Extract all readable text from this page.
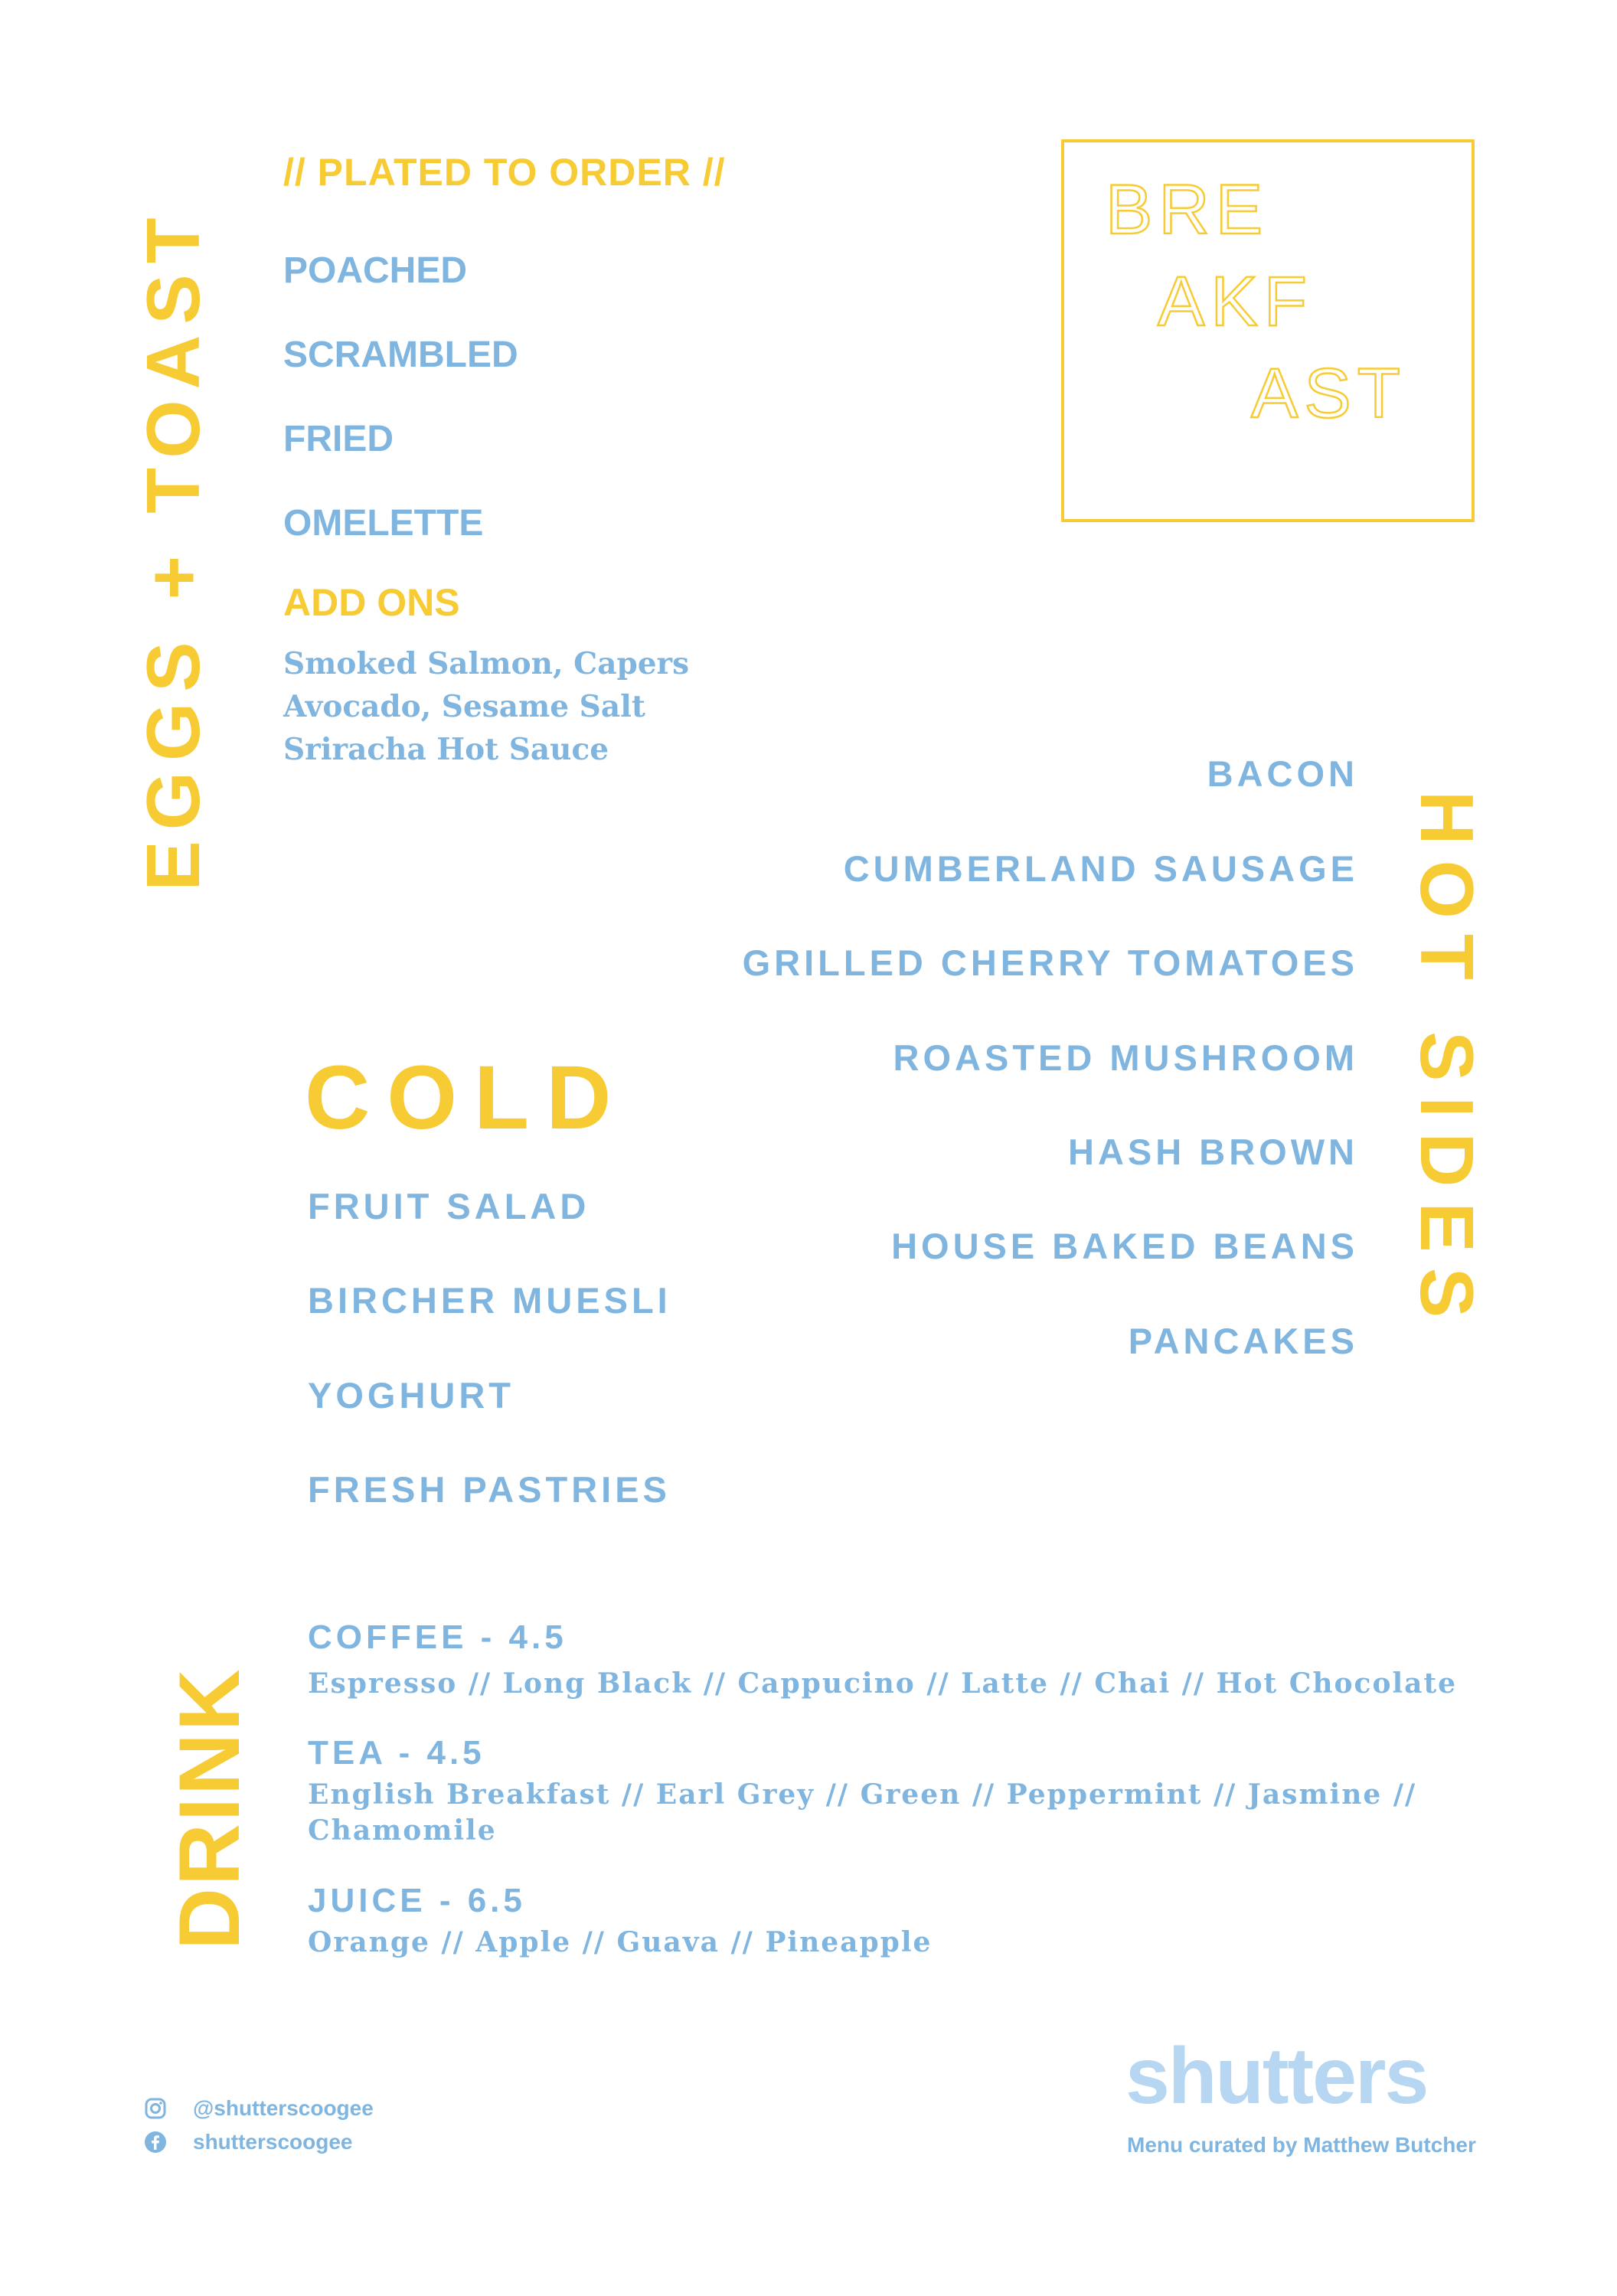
EGGS + TOAST
// PLATED TO ORDER //
POACHED
SCRAMBLED
FRIED
OMELETTE
ADD ONS
Smoked Salmon, Capers
Avocado, Sesame Salt
Sriracha Hot Sauce
BRE
AKF
AST
HOT SIDES
BACON
CUMBERLAND SAUSAGE
GRILLED CHERRY TOMATOES
ROASTED MUSHROOM
HASH BROWN
HOUSE BAKED BEANS
PANCAKES
COLD
FRUIT SALAD
BIRCHER MUESLI
YOGHURT
FRESH PASTRIES
DRINK
COFFEE - 4.5
Espresso // Long Black // Cappucino // Latte // Chai // Hot Chocolate
TEA - 4.5
English Breakfast // Earl Grey // Green // Peppermint // Jasmine //
Chamomile
JUICE - 6.5
Orange // Apple // Guava // Pineapple
@shutterscoogee
shutterscoogee
shutters
Menu curated by Matthew Butcher
